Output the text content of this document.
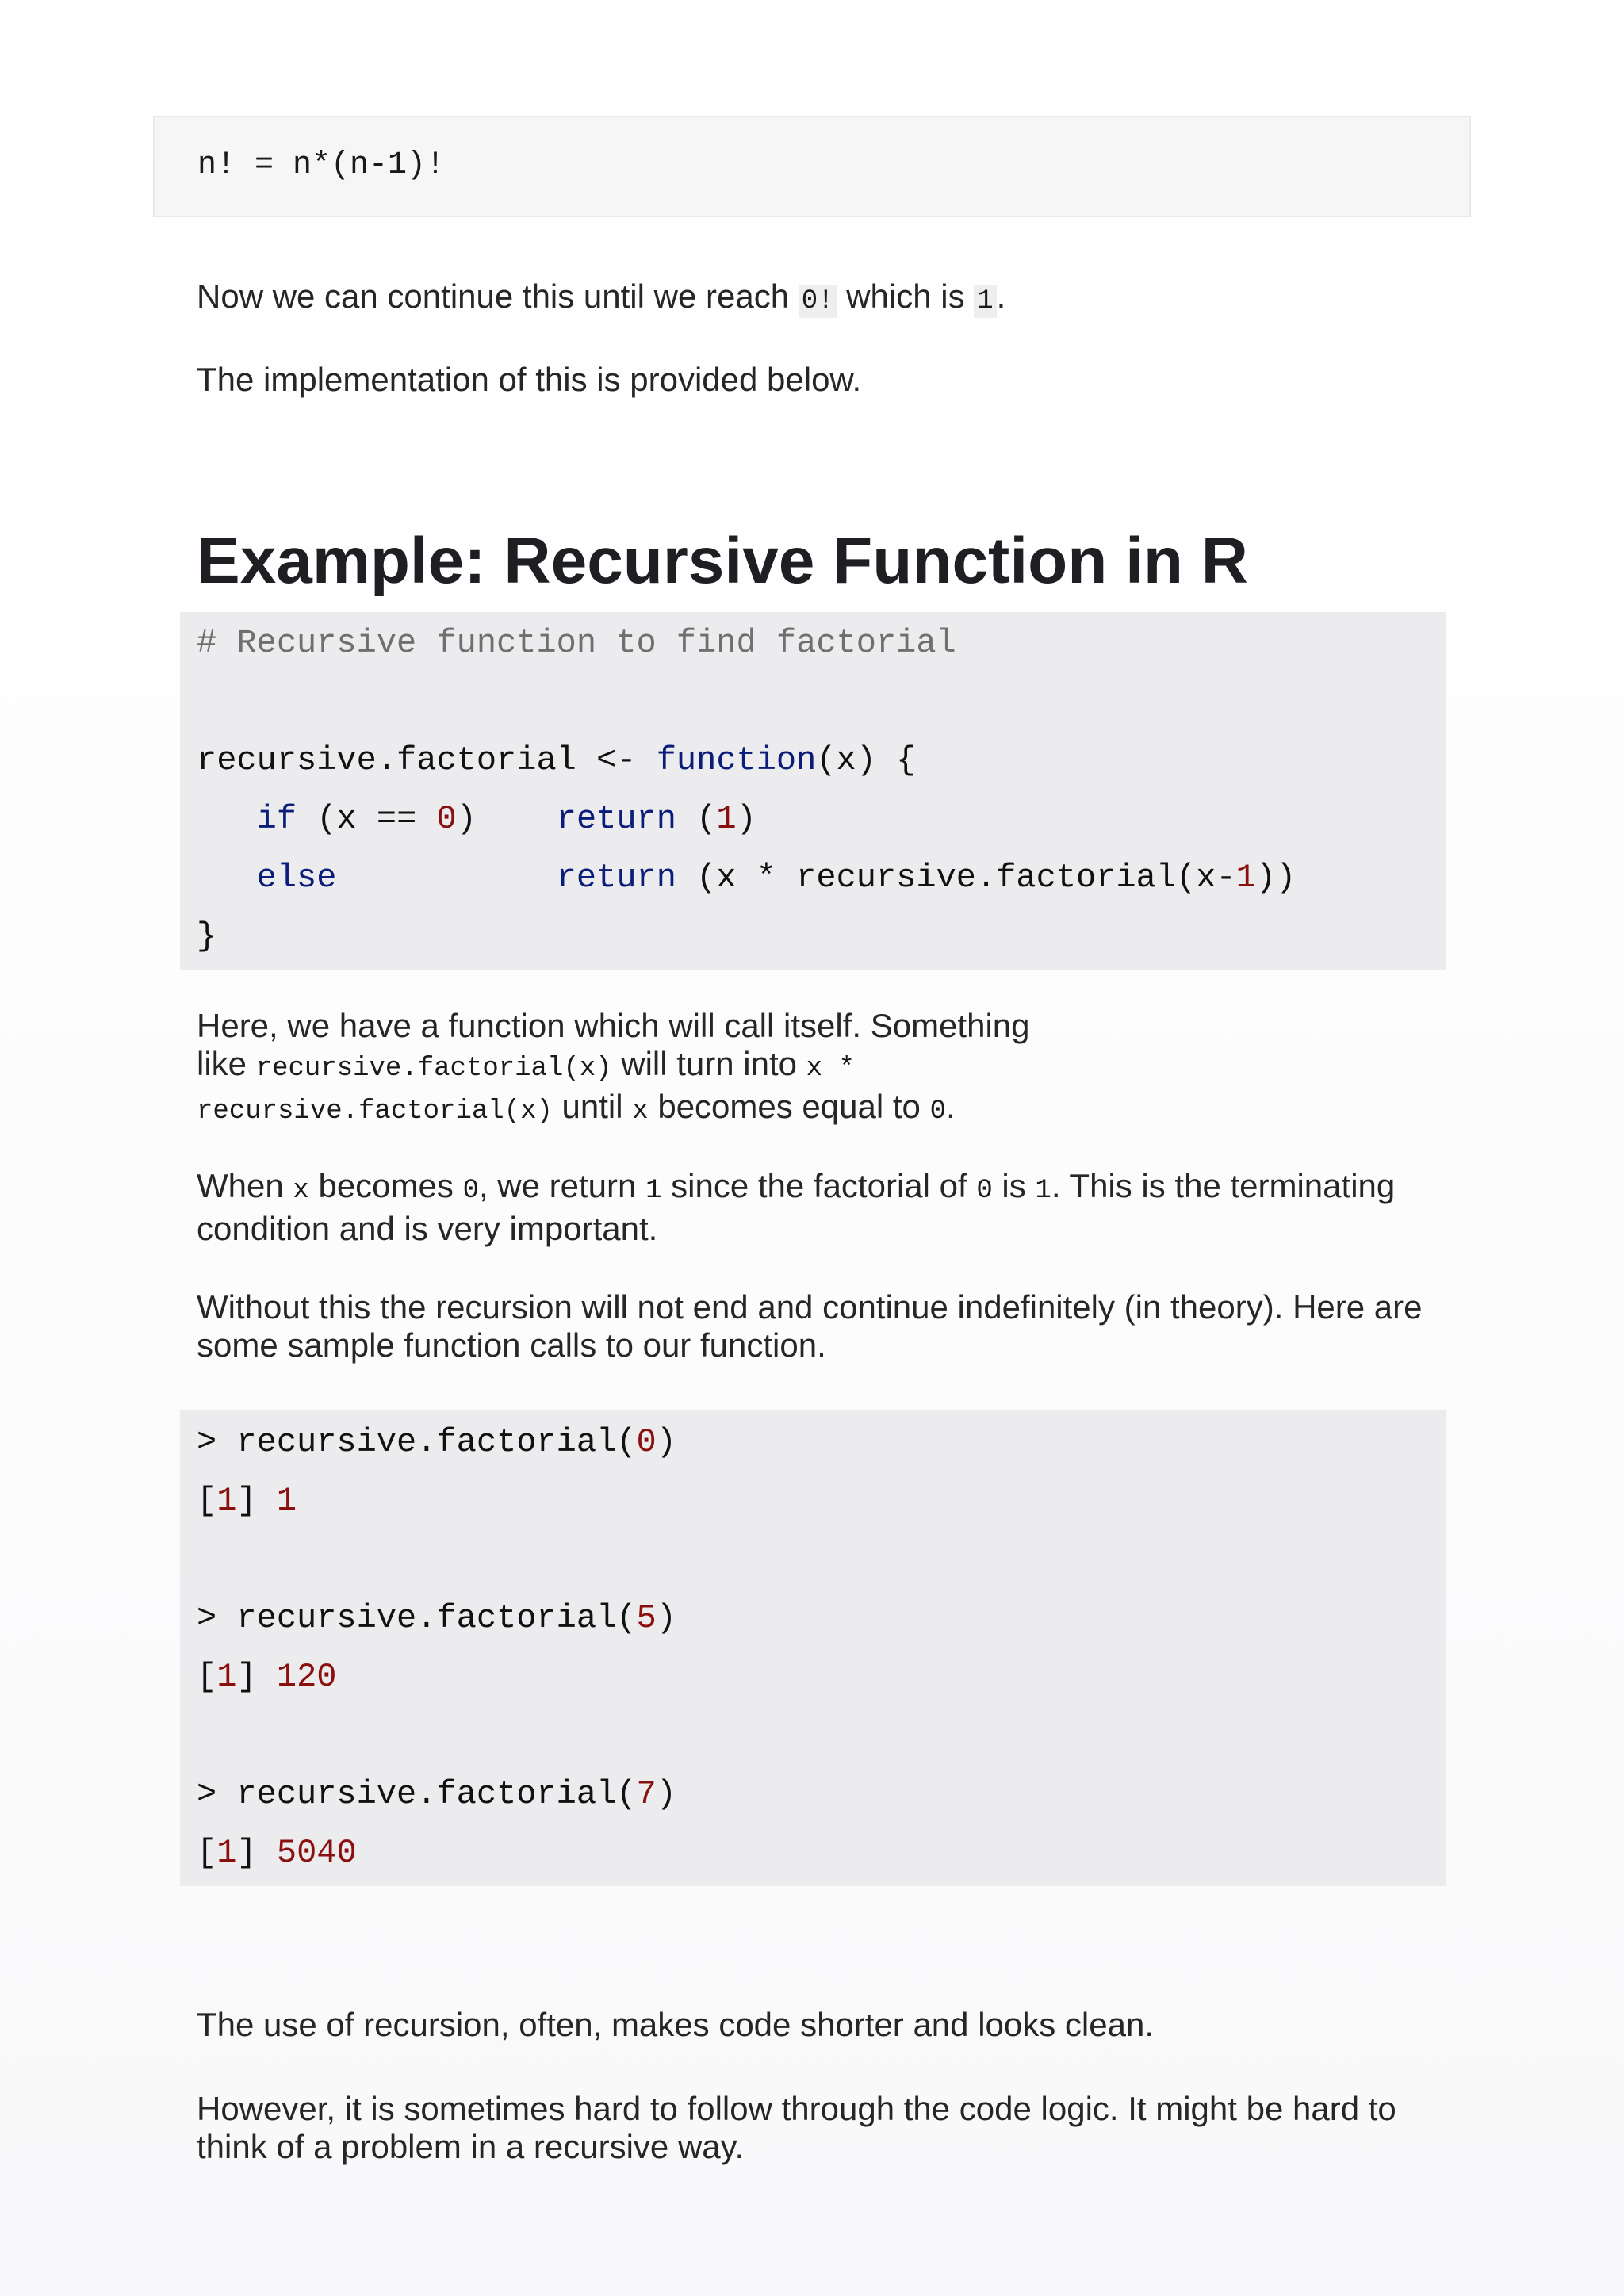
n! = n*(n-1)!
Now we can continue this until we reach 0! which is 1.
The implementation of this is provided below.
Example: Recursive Function in R
# Recursive function to find factorial
recursive.factorial <- function(x) {
if (x == 0)    return (1)
else	return (x * recursive.factorial(x-1))
}
Here, we have a function which will call itself. Something
like recursive.factorial(x) will turn into x *
recursive.factorial(x) until x becomes equal to 0.
When x becomes 0, we return 1 since the factorial of 0 is 1. This is the terminating
condition and is very important.
Without this the recursion will not end and continue indefinitely (in theory). Here are
some sample function calls to our function.
> recursive.factorial(0)
[1] 1
> recursive.factorial(5)
[1] 120
> recursive.factorial(7)
[1] 5040
The use of recursion, often, makes code shorter and looks clean.
However, it is sometimes hard to follow through the code logic. It might be hard to
think of a problem in a recursive way.
